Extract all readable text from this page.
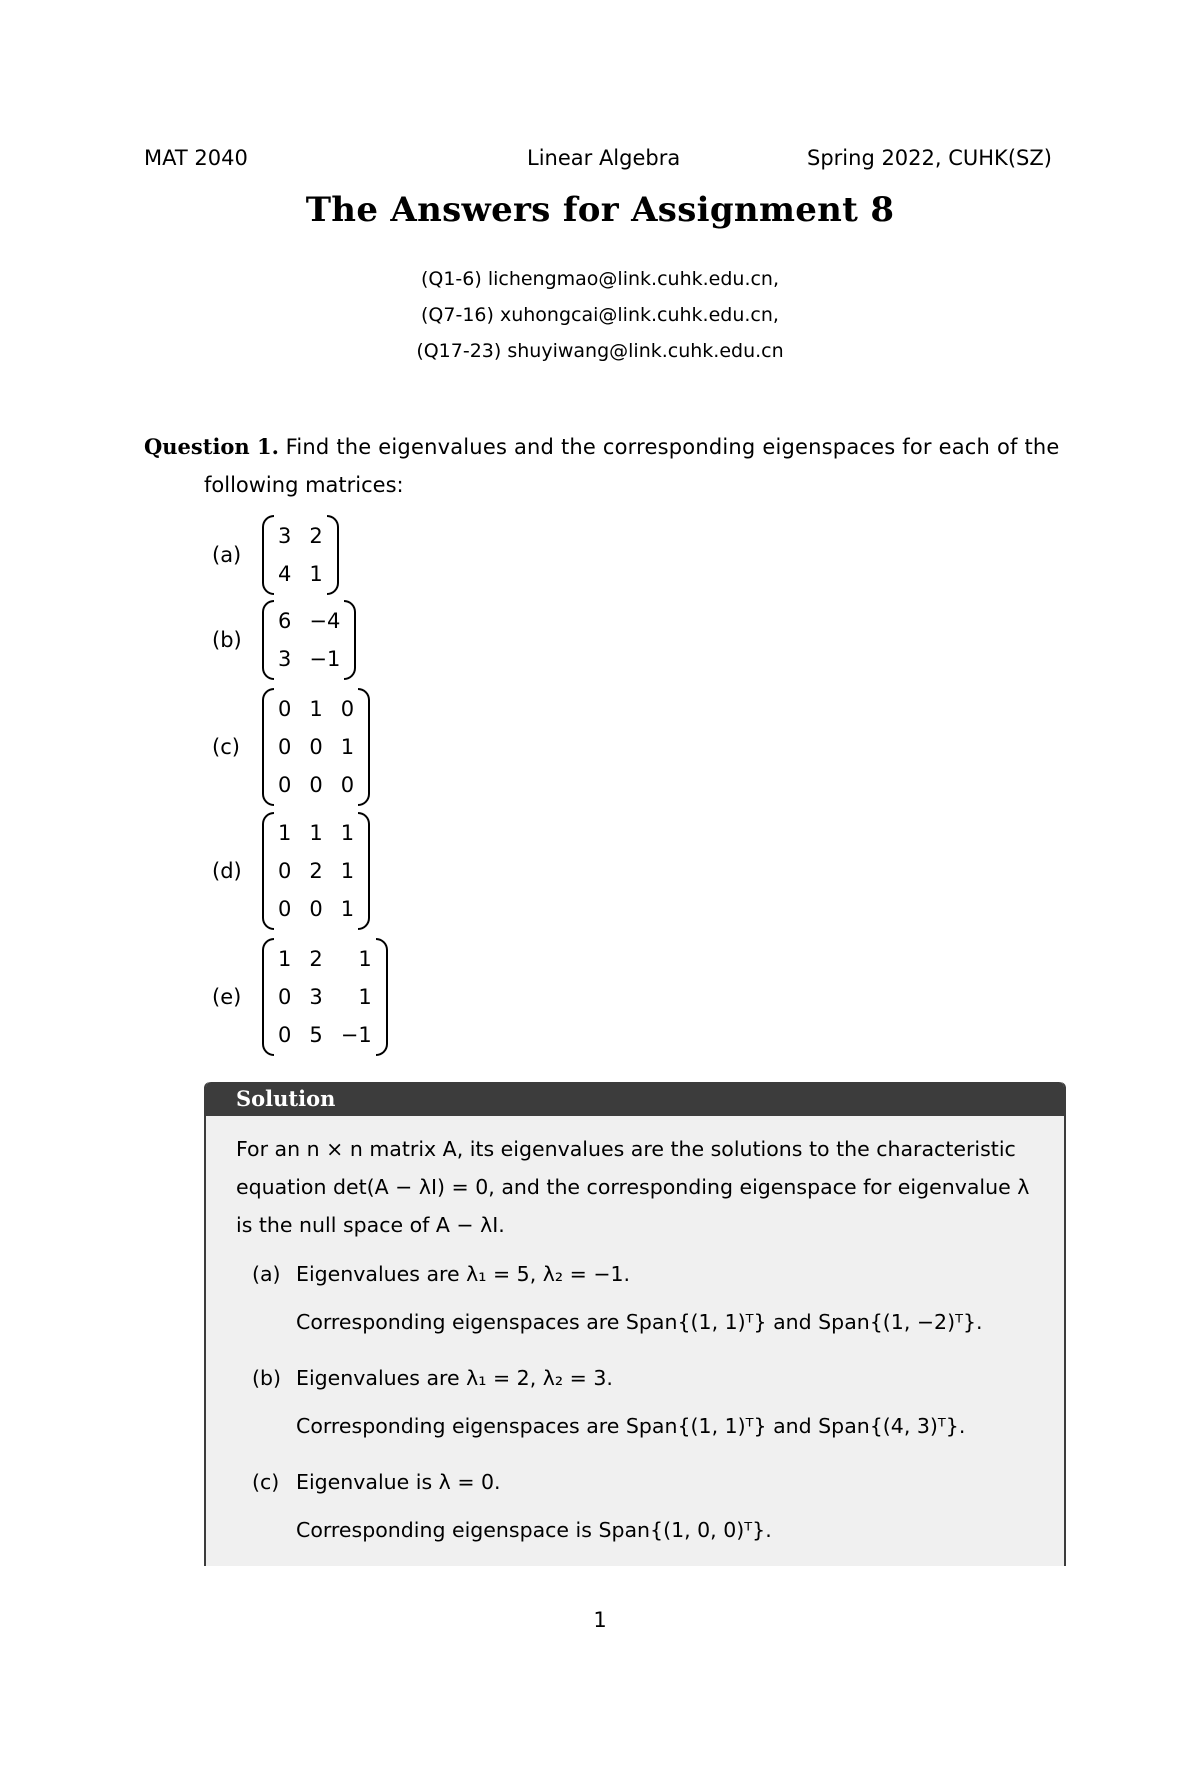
MAT 2040	Linear Algebra	Spring 2022, CUHK(SZ)
The Answers for Assignment 8
(Q1-6) lichengmao@link.cuhk.edu.cn,
(Q7-16) xuhongcai@link.cuhk.edu.cn,
(Q17-23) shuyiwang@link.cuhk.edu.cn
Question 1. Find the eigenvalues and the corresponding eigenspaces for each of the
following matrices:
(a)
3 2
4 1
(b)
6 −4
3 −1
(c)
0 1 0
0 0 1
0 0 0
(d)
1 1 1
0 2 1
0 0 1
(e)
1 2	1
0 3	1
0 5 −1
Solution
For an n × n matrix A, its eigenvalues are the solutions to the characteristic
equation det(A − λI) = 0, and the corresponding eigenspace for eigenvalue λ
is the null space of A − λI.
(a) Eigenvalues are λ₁ = 5, λ₂ = −1.
Corresponding eigenspaces are Span{(1, 1)ᵀ} and Span{(1, −2)ᵀ}.
(b) Eigenvalues are λ₁ = 2, λ₂ = 3.
Corresponding eigenspaces are Span{(1, 1)ᵀ} and Span{(4, 3)ᵀ}.
(c) Eigenvalue is λ = 0.
Corresponding eigenspace is Span{(1, 0, 0)ᵀ}.
1
